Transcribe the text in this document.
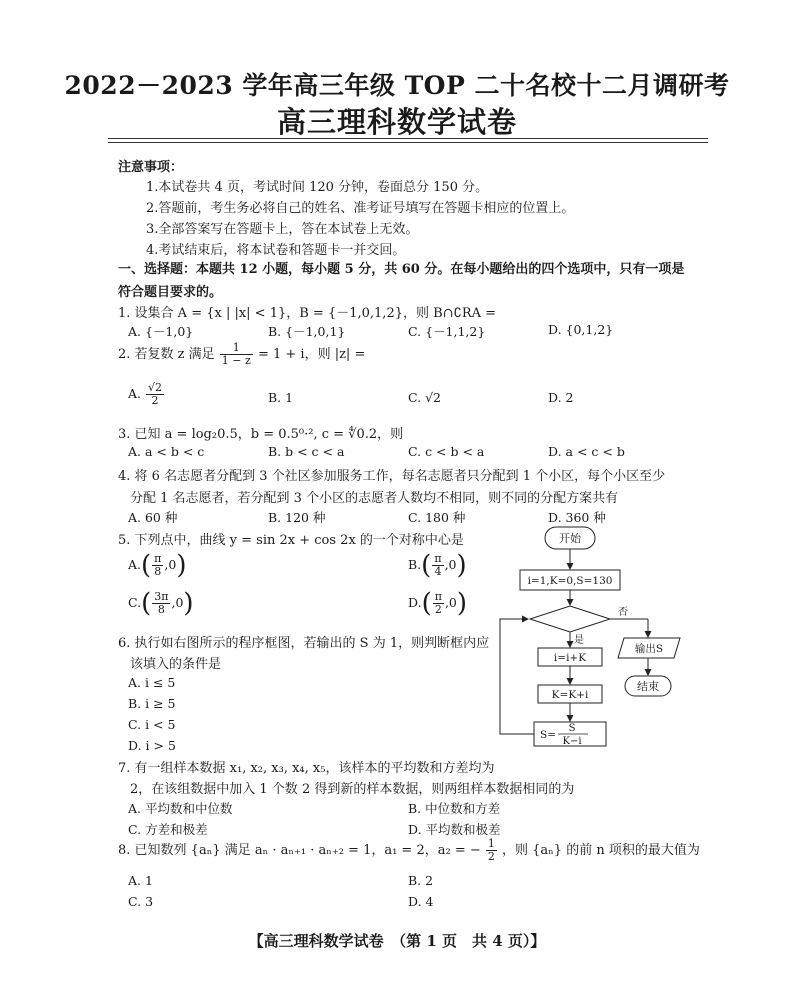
2022－2023 学年高三年级 TOP 二十名校十二月调研考
高三理科数学试卷
注意事项：
1.本试卷共 4 页，考试时间 120 分钟，卷面总分 150 分。
2.答题前，考生务必将自己的姓名、准考证号填写在答题卡相应的位置上。
3.全部答案写在答题卡上，答在本试卷上无效。
4.考试结束后，将本试卷和答题卡一并交回。
一、选择题：本题共 12 小题，每小题 5 分，共 60 分。在每小题给出的四个选项中，只有一项是符合题目要求的。
1. 设集合 A = {x | |x| < 1}，B = {－1,0,1,2}，则 B∩∁RA =
A. {－1,0}	B. {－1,0,1}	C. {－1,1,2}	D. {0,1,2}
2. 若复数 z 满足 $\frac{1}{1 - z} = 1 + i$，则 |z| =
A. $\frac{√2}{2}$	B. 1	C. √2	D. 2
3. 已知 a = log₂0.5，b = 0.5⁰·², c = ∜0.2，则
A. a < b < c	B. b < c < a	C. c < b < a	D. a < c < b
4. 将 6 名志愿者分配到 3 个社区参加服务工作，每名志愿者只分配到 1 个小区，每个小区至少
分配 1 名志愿者，若分配到 3 个小区的志愿者人数均不相同，则不同的分配方案共有
A. 60 种	B. 120 种	C. 180 种	D. 360 种
5. 下列点中，曲线 y = sin 2x + cos 2x 的一个对称中心是
$A.( \frac{\pi}{8} ,0)$	$B.( \frac{\pi}{4} ,0)$
$C.( \frac{3\pi}{8} ,0)$	$D.( \frac{\pi}{2} ,0)$
6. 执行如右图所示的程序框图，若输出的 S 为 1，则判断框内应
该填入的条件是
A. i ≤ 5
B. i ≥ 5
C. i < 5
D. i > 5
开始
i=1,K=0,S=130
否
是
i=i+K
K=K+i
S=
S
K−i
输出S
结束
7. 有一组样本数据 x₁, x₂, x₃, x₄, x₅，该样本的平均数和方差均为
2，在该组数据中加入 1 个数 2 得到新的样本数据，则两组样本数据相同的为
A. 平均数和中位数	B. 中位数和方差
C. 方差和极差	D. 平均数和极差
8. 已知数列 {aₙ} 满足 aₙ · aₙ₊₁ · aₙ₊₂ = 1，a₁ = 2，a₂ = − $\frac{1}{2}$ ，则 {aₙ} 的前 n 项积的最大值为
A. 1	B. 2
C. 3	D. 4
【高三理科数学试卷　（第 1 页　共 4 页）】
